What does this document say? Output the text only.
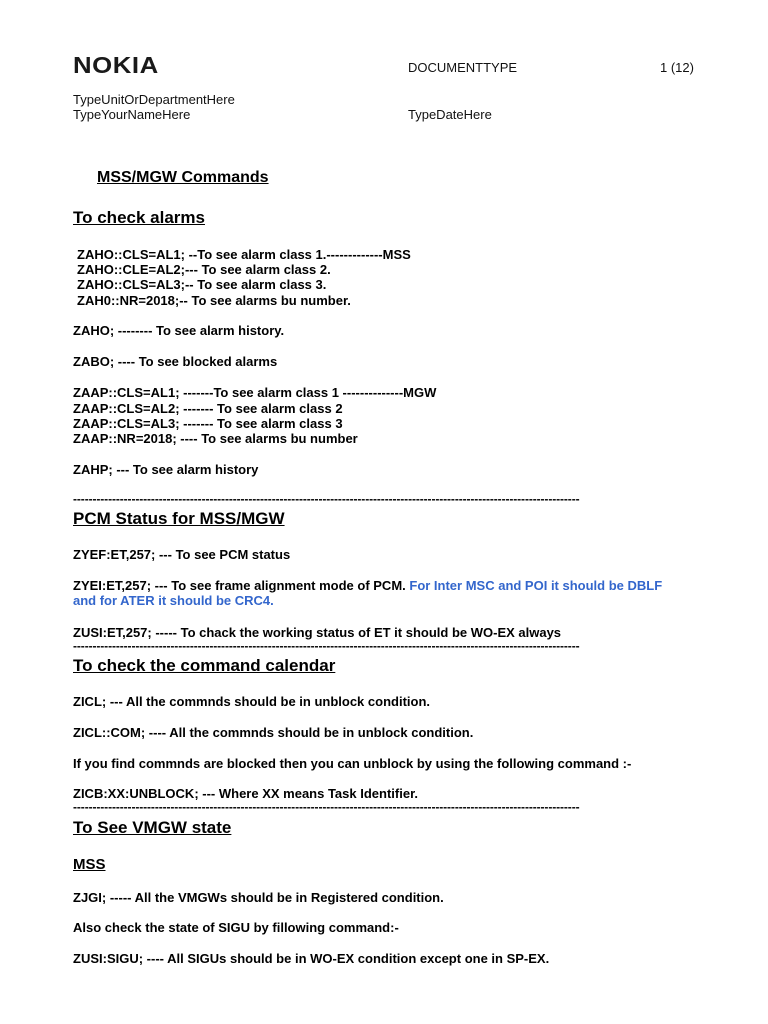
NOKIA	DOCUMENTTYPE	1 (12)
TypeUnitOrDepartmentHere
TypeYourNameHere	TypeDateHere
MSS/MGW Commands
To check alarms
ZAHO::CLS=AL1; --To see alarm class 1.-------------MSS
ZAHO::CLE=AL2;--- To see alarm class 2.
ZAHO::CLS=AL3;-- To see alarm class 3.
ZAH0::NR=2018;-- To see alarms bu number.
ZAHO; -------- To see alarm history.
ZABO; ---- To see blocked alarms
ZAAP::CLS=AL1; -------To see alarm class 1 --------------MGW
ZAAP::CLS=AL2; ------- To see alarm class 2
ZAAP::CLS=AL3; ------- To see alarm class 3
ZAAP::NR=2018; ---- To see alarms bu number
ZAHP; --- To see alarm history
----------------------------------------------------------------------------------------------------------------------------------
PCM Status for MSS/MGW
ZYEF:ET,257; --- To see PCM status
ZYEI:ET,257; --- To see frame alignment mode of PCM. For Inter MSC and POI it should be DBLF
and for ATER it should be CRC4.
ZUSI:ET,257; ----- To chack the working status of ET it should be WO-EX always
----------------------------------------------------------------------------------------------------------------------------------
To check the command calendar
ZICL; --- All the commnds should be in unblock condition.
ZICL::COM; ---- All the commnds should be in unblock condition.
If you find commnds are blocked then you can unblock by using the following command :-
ZICB:XX:UNBLOCK; --- Where XX means Task Identifier.
----------------------------------------------------------------------------------------------------------------------------------
To See VMGW state
MSS
ZJGI; ----- All the VMGWs should be in Registered condition.
Also check the state of SIGU by fillowing command:-
ZUSI:SIGU; ---- All SIGUs should be in WO-EX condition except one in SP-EX.
